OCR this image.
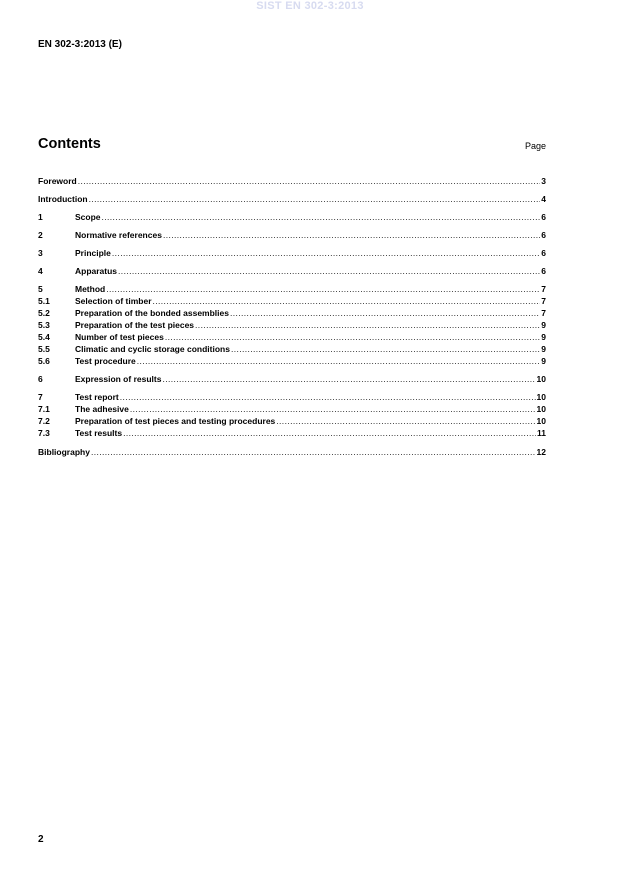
SIST EN 302-3:2013
EN 302-3:2013 (E)
Contents	Page
Foreword .....	3
Introduction .....	4
1	Scope .....	6
2	Normative references .....	6
3	Principle .....	6
4	Apparatus .....	6
5	Method .....	7
5.1	Selection of timber .....	7
5.2	Preparation of the bonded assemblies .....	7
5.3	Preparation of the test pieces .....	9
5.4	Number of test pieces .....	9
5.5	Climatic and cyclic storage conditions .....	9
5.6	Test procedure .....	9
6	Expression of results .....	10
7	Test report .....	10
7.1	The adhesive .....	10
7.2	Preparation of test pieces and testing procedures .....	10
7.3	Test results .....	11
Bibliography .....	12
2
